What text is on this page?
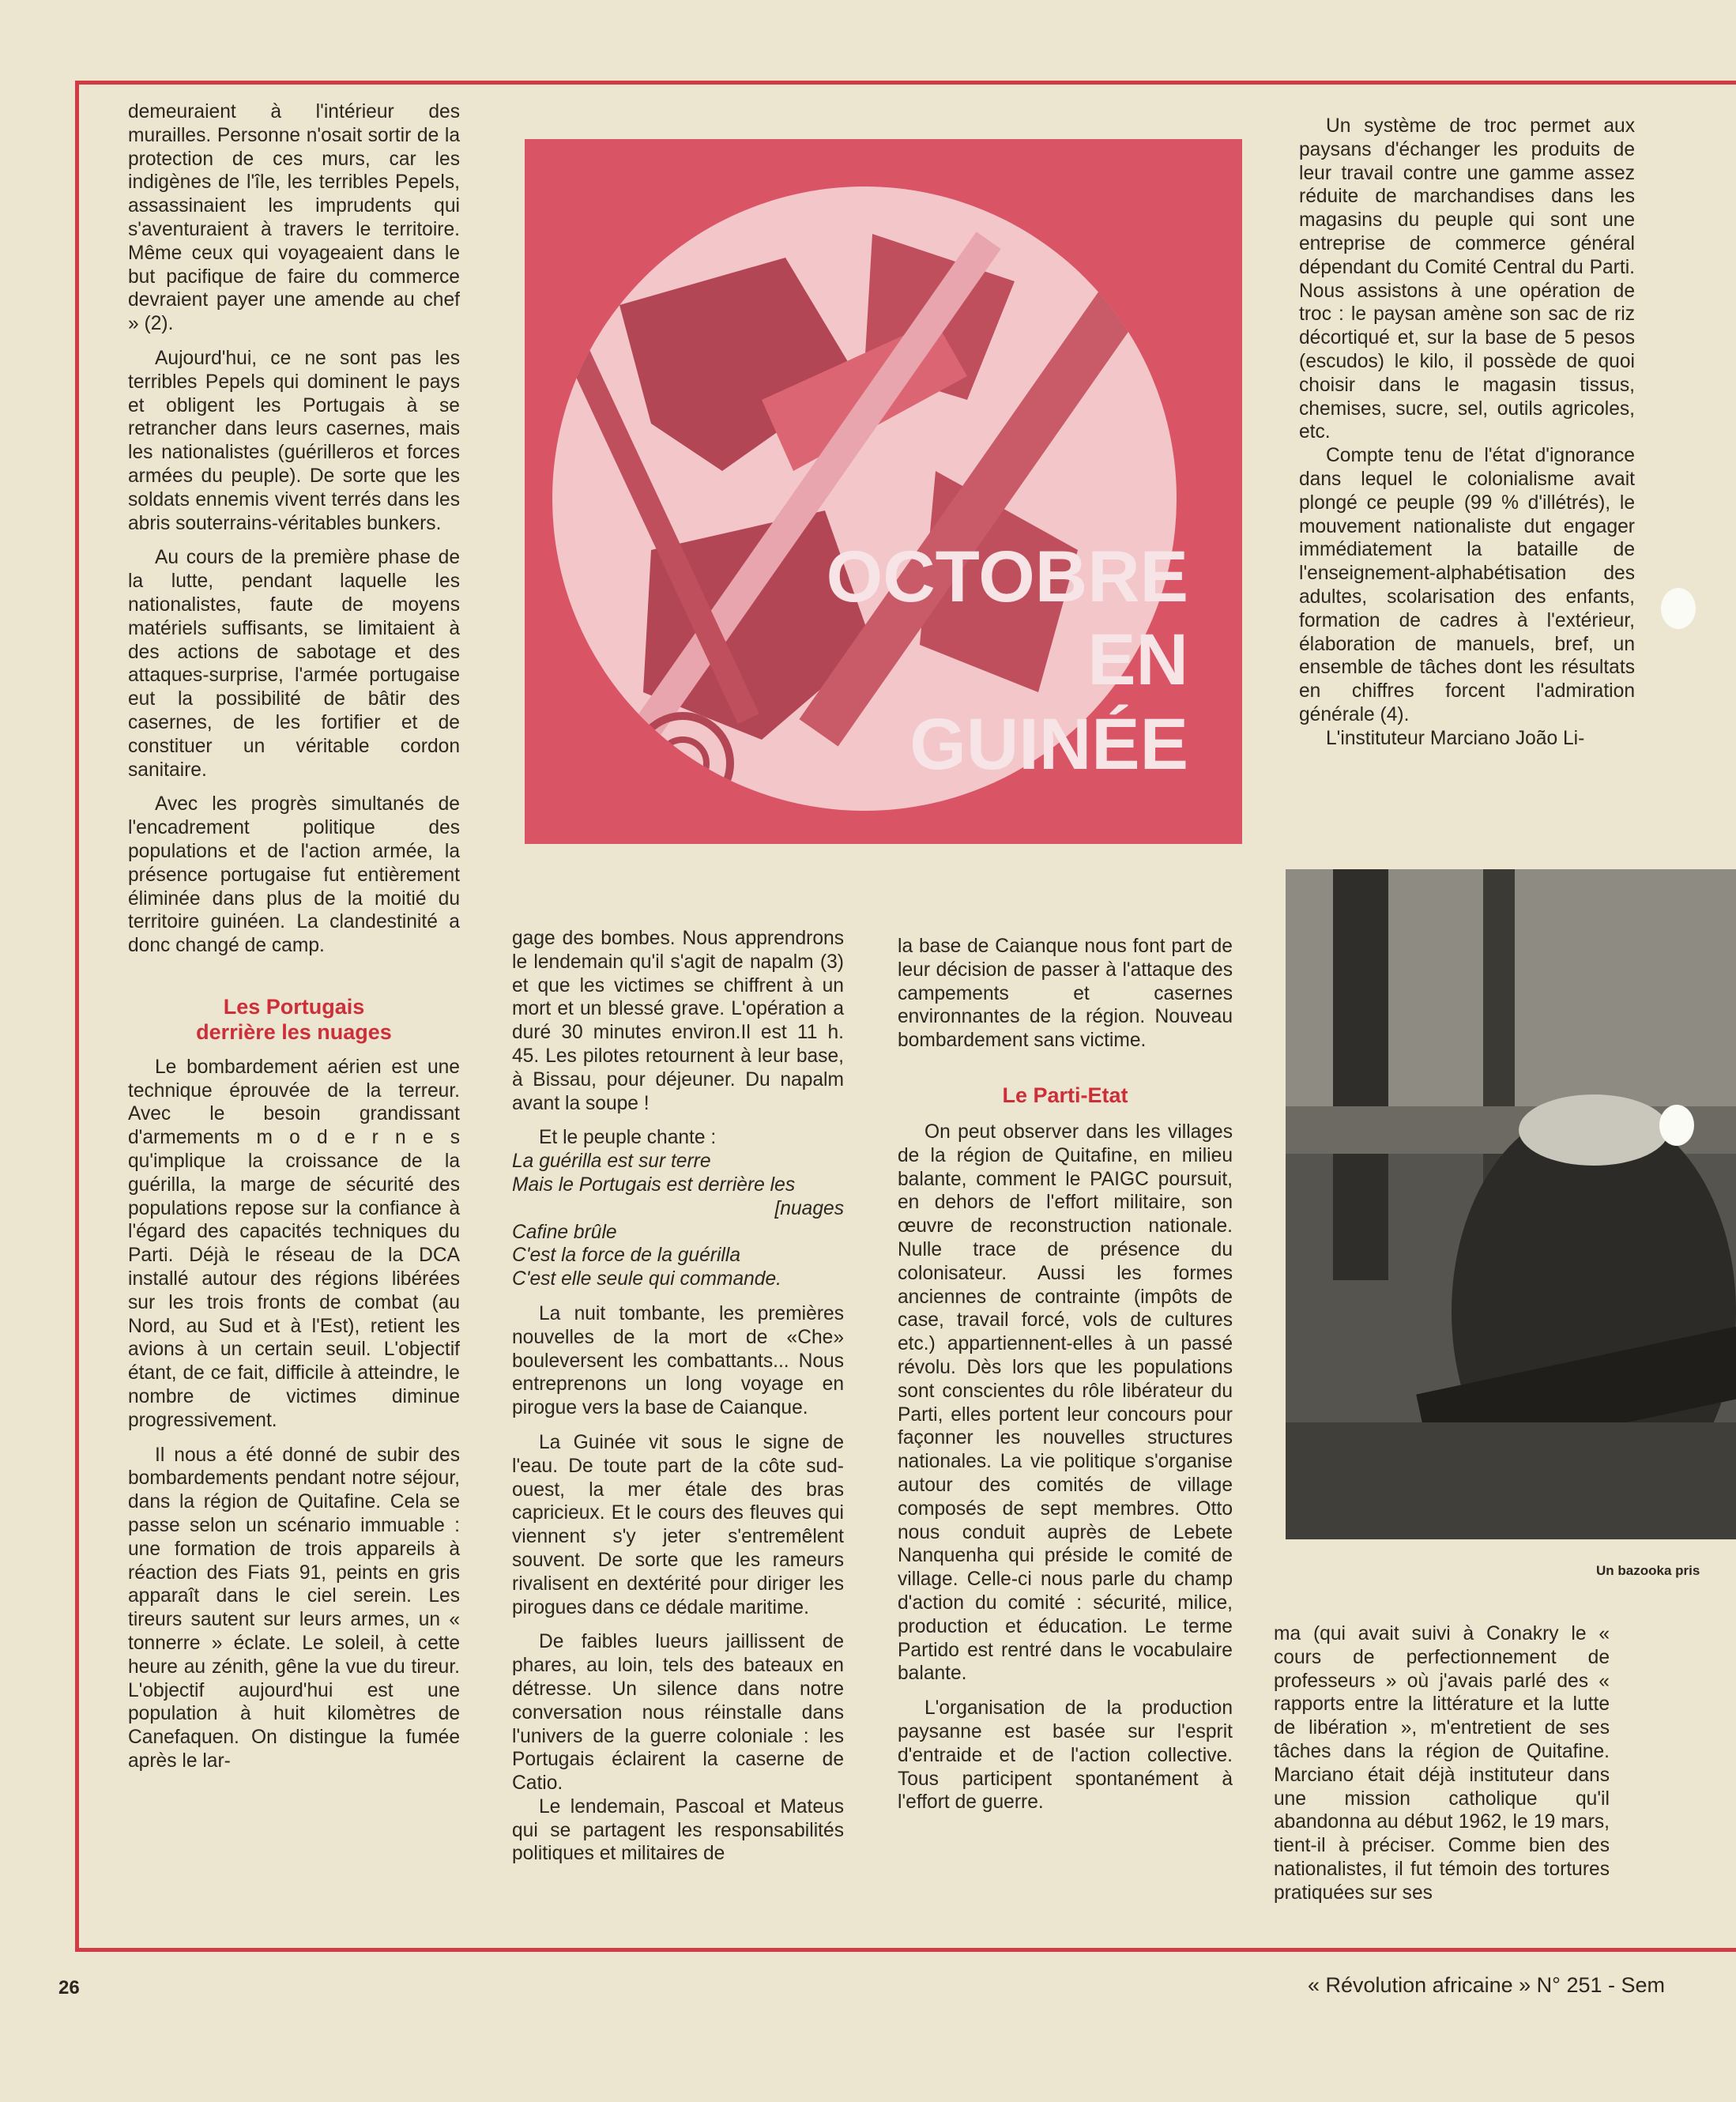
demeuraient à l'intérieur des murailles. Personne n'osait sortir de la protection de ces murs, car les indigènes de l'île, les terribles Pepels, assassinaient les imprudents qui s'aventuraient à travers le territoire. Même ceux qui voyageaient dans le but pacifique de faire du commerce devraient payer une amende au chef » (2).

Aujourd'hui, ce ne sont pas les terribles Pepels qui dominent le pays et obligent les Portugais à se retrancher dans leurs casernes, mais les nationalistes (guérilleros et forces armées du peuple). De sorte que les soldats ennemis vivent terrés dans les abris souterrains-véritables bunkers.

Au cours de la première phase de la lutte, pendant laquelle les nationalistes, faute de moyens matériels suffisants, se limitaient à des actions de sabotage et des attaques-surprise, l'armée portugaise eut la possibilité de bâtir des casernes, de les fortifier et de constituer un véritable cordon sanitaire.

Avec les progrès simultanés de l'encadrement politique des populations et de l'action armée, la présence portugaise fut entièrement éliminée dans plus de la moitié du territoire guinéen. La clandestinité a donc changé de camp.

Les Portugais
derrière les nuages

Le bombardement aérien est une technique éprouvée de la terreur. Avec le besoin grandissant d'armements m o d e r n e s qu'implique la croissance de la guérilla, la marge de sécurité des populations repose sur la confiance à l'égard des capacités techniques du Parti. Déjà le réseau de la DCA installé autour des régions libérées sur les trois fronts de combat (au Nord, au Sud et à l'Est), retient les avions à un certain seuil. L'objectif étant, de ce fait, difficile à atteindre, le nombre de victimes diminue progressivement.

Il nous a été donné de subir des bombardements pendant notre séjour, dans la région de Quitafine. Cela se passe selon un scénario immuable : une formation de trois appareils à réaction des Fiats 91, peints en gris apparaît dans le ciel serein. Les tireurs sautent sur leurs armes, un « tonnerre » éclate. Le soleil, à cette heure au zénith, gêne la vue du tireur. L'objectif aujourd'hui est une population à huit kilomètres de Canefaquen. On distingue la fumée après le lar-

OCTOBRE
EN
GUINÉE

gage des bombes. Nous apprendrons le lendemain qu'il s'agit de napalm (3) et que les victimes se chiffrent à un mort et un blessé grave. L'opération a duré 30 minutes environ.Il est 11 h. 45. Les pilotes retournent à leur base, à Bissau, pour déjeuner. Du napalm avant la soupe !

Et le peuple chante :

La guérilla est sur terre

Mais le Portugais est derrière les

[nuages

Cafine brûle

C'est la force de la guérilla

C'est elle seule qui commande.

La nuit tombante, les premières nouvelles de la mort de «Che» bouleversent les combattants... Nous entreprenons un long voyage en pirogue vers la base de Caianque.

La Guinée vit sous le signe de l'eau. De toute part de la côte sud-ouest, la mer étale des bras capricieux. Et le cours des fleuves qui viennent s'y jeter s'entremêlent souvent. De sorte que les rameurs rivalisent en dextérité pour diriger les pirogues dans ce dédale maritime.

De faibles lueurs jaillissent de phares, au loin, tels des bateaux en détresse. Un silence dans notre conversation nous réinstalle dans l'univers de la guerre coloniale : les Portugais éclairent la caserne de Catio.

Le lendemain, Pascoal et Mateus qui se partagent les responsabilités politiques et militaires de

la base de Caianque nous font part de leur décision de passer à l'attaque des campements et casernes environnantes de la région. Nouveau bombardement sans victime.

Le Parti-Etat

On peut observer dans les villages de la région de Quitafine, en milieu balante, comment le PAIGC poursuit, en dehors de l'effort militaire, son œuvre de reconstruction nationale. Nulle trace de présence du colonisateur. Aussi les formes anciennes de contrainte (impôts de case, travail forcé, vols de cultures etc.) appartiennent-elles à un passé révolu. Dès lors que les populations sont conscientes du rôle libérateur du Parti, elles portent leur concours pour façonner les nouvelles structures nationales. La vie politique s'organise autour des comités de village composés de sept membres. Otto nous conduit auprès de Lebete Nanquenha qui préside le comité de village. Celle-ci nous parle du champ d'action du comité : sécurité, milice, production et éducation. Le terme Partido est rentré dans le vocabulaire balante.

L'organisation de la production paysanne est basée sur l'esprit d'entraide et de l'action collective. Tous participent spontanément à l'effort de guerre.

Un système de troc permet aux paysans d'échanger les produits de leur travail contre une gamme assez réduite de marchandises dans les magasins du peuple qui sont une entreprise de commerce général dépendant du Comité Central du Parti. Nous assistons à une opération de troc : le paysan amène son sac de riz décortiqué et, sur la base de 5 pesos (escudos) le kilo, il possède de quoi choisir dans le magasin tissus, chemises, sucre, sel, outils agricoles, etc.

Compte tenu de l'état d'ignorance dans lequel le colonialisme avait plongé ce peuple (99 % d'illétrés), le mouvement nationaliste dut engager immédiatement la bataille de l'enseignement-alphabétisation des adultes, scolarisation des enfants, formation de cadres à l'extérieur, élaboration de manuels, bref, un ensemble de tâches dont les résultats en chiffres forcent l'admiration générale (4).

L'instituteur Marciano João Li-

Un bazooka pris

ma (qui avait suivi à Conakry le « cours de perfectionnement de professeurs » où j'avais parlé des « rapports entre la littérature et la lutte de libération », m'entretient de ses tâches dans la région de Quitafine. Marciano était déjà instituteur dans une mission catholique qu'il abandonna au début 1962, le 19 mars, tient-il à préciser. Comme bien des nationalistes, il fut témoin des tortures pratiquées sur ses

26	« Révolution africaine » N° 251 - Sem
